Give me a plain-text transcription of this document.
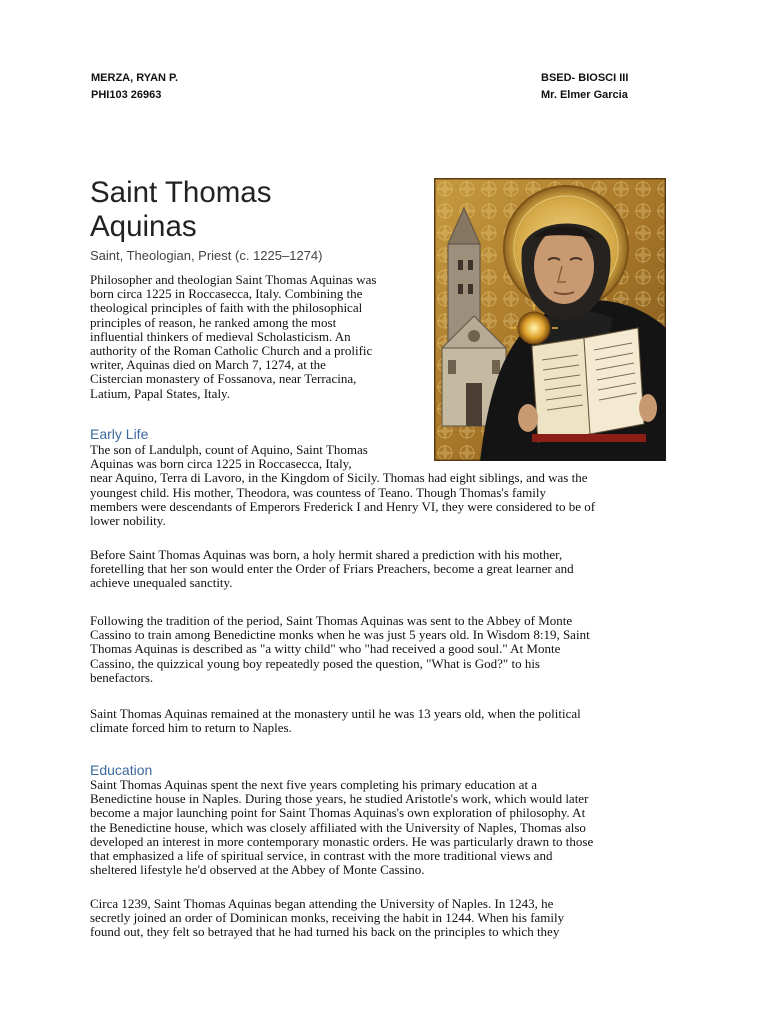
MERZA, RYAN P.
PHI103 26963
BSED- BIOSCI III
Mr. Elmer Garcia
Saint Thomas
Aquinas
Saint, Theologian, Priest (c. 1225–1274)

Philosopher and theologian Saint Thomas Aquinas was
born circa 1225 in Roccasecca, Italy. Combining the
theological principles of faith with the philosophical
principles of reason, he ranked among the most
influential thinkers of medieval Scholasticism. An
authority of the Roman Catholic Church and a prolific
writer, Aquinas died on March 7, 1274, at the
Cistercian monastery of Fossanova, near Terracina,
Latium, Papal States, Italy.

Early Life

The son of Landulph, count of Aquino, Saint Thomas
Aquinas was born circa 1225 in Roccasecca, Italy,
near Aquino, Terra di Lavoro, in the Kingdom of Sicily. Thomas had eight siblings, and was the
youngest child. His mother, Theodora, was countess of Teano. Though Thomas's family
members were descendants of Emperors Frederick I and Henry VI, they were considered to be of
lower nobility.

Before Saint Thomas Aquinas was born, a holy hermit shared a prediction with his mother,
foretelling that her son would enter the Order of Friars Preachers, become a great learner and
achieve unequaled sanctity.

Following the tradition of the period, Saint Thomas Aquinas was sent to the Abbey of Monte
Cassino to train among Benedictine monks when he was just 5 years old. In Wisdom 8:19, Saint
Thomas Aquinas is described as "a witty child" who "had received a good soul." At Monte
Cassino, the quizzical young boy repeatedly posed the question, "What is God?" to his
benefactors.

Saint Thomas Aquinas remained at the monastery until he was 13 years old, when the political
climate forced him to return to Naples.

Education

Saint Thomas Aquinas spent the next five years completing his primary education at a
Benedictine house in Naples. During those years, he studied Aristotle's work, which would later
become a major launching point for Saint Thomas Aquinas's own exploration of philosophy. At
the Benedictine house, which was closely affiliated with the University of Naples, Thomas also
developed an interest in more contemporary monastic orders. He was particularly drawn to those
that emphasized a life of spiritual service, in contrast with the more traditional views and
sheltered lifestyle he'd observed at the Abbey of Monte Cassino.

Circa 1239, Saint Thomas Aquinas began attending the University of Naples. In 1243, he
secretly joined an order of Dominican monks, receiving the habit in 1244. When his family
found out, they felt so betrayed that he had turned his back on the principles to which they
